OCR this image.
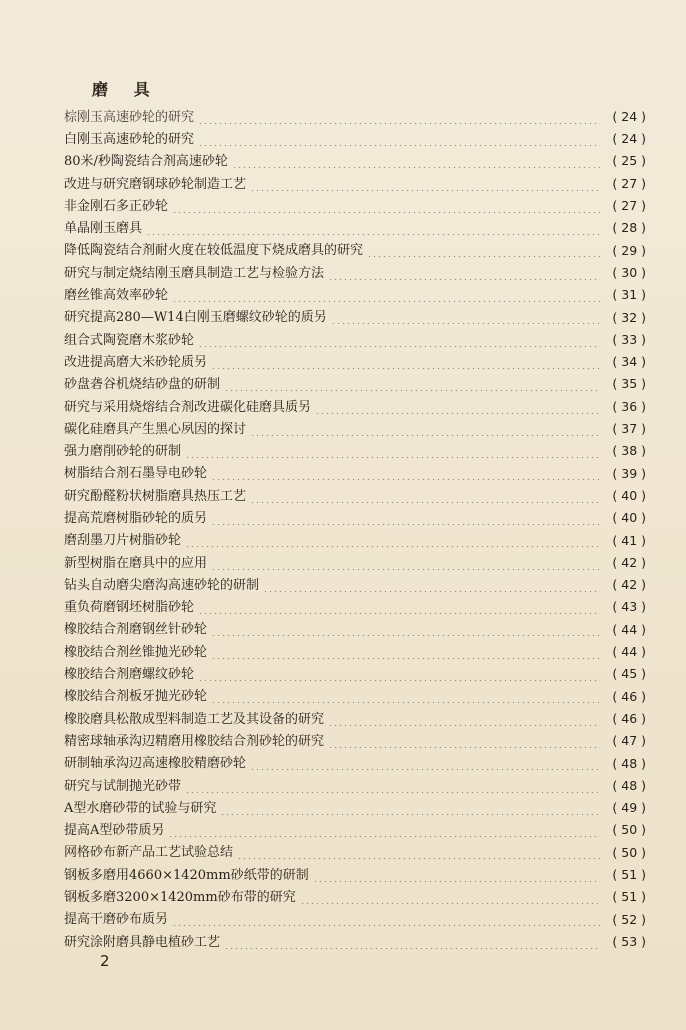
磨 具
棕刚玉高速砂轮的研究	( 24 )
白刚玉高速砂轮的研究	( 24 )
80米/秒陶瓷结合剂高速砂轮	( 25 )
改进与研究磨钢球砂轮制造工艺	( 27 )
非金刚石多正砂轮	( 27 )
单晶刚玉磨具	( 28 )
降低陶瓷结合剂耐火度在较低温度下烧成磨具的研究	( 29 )
研究与制定烧结刚玉磨具制造工艺与检验方法	( 30 )
磨丝锥高效率砂轮	( 31 )
研究提高280—W14白刚玉磨螺纹砂轮的质另	( 32 )
组合式陶瓷磨木浆砂轮	( 33 )
改进提高磨大米砂轮质另	( 34 )
砂盘砻谷机烧结砂盘的研制	( 35 )
研究与采用烧熔结合剂改进碳化硅磨具质另	( 36 )
碳化硅磨具产生黑心夙因的探讨	( 37 )
强力磨削砂轮的研制	( 38 )
树脂结合剂石墨导电砂轮	( 39 )
研究酚醛粉状树脂磨具热压工艺	( 40 )
提高荒磨树脂砂轮的质另	( 40 )
磨刮墨刀片树脂砂轮	( 41 )
新型树脂在磨具中的应用	( 42 )
钻头自动磨尖磨沟高速砂轮的研制	( 42 )
重负荷磨钢坯树脂砂轮	( 43 )
橡胶结合剂磨钢丝针砂轮	( 44 )
橡胶结合剂丝锥抛光砂轮	( 44 )
橡胶结合剂磨螺纹砂轮	( 45 )
橡胶结合剂板牙抛光砂轮	( 46 )
橡胶磨具松散成型料制造工艺及其设备的研究	( 46 )
精密球轴承沟辺精磨用橡胶结合剂砂轮的研究	( 47 )
研制轴承沟辺高速橡胶精磨砂轮	( 48 )
研究与试制抛光砂带	( 48 )
A型水磨砂带的试验与研究	( 49 )
提高A型砂带质另	( 50 )
网格砂布新产品工艺试验总结	( 50 )
钢板多磨用4660×1420mm砂纸带的研制	( 51 )
钢板多磨3200×1420mm砂布带的研究	( 51 )
提高干磨砂布质另	( 52 )
研究涂附磨具静电植砂工艺	( 53 )
2
